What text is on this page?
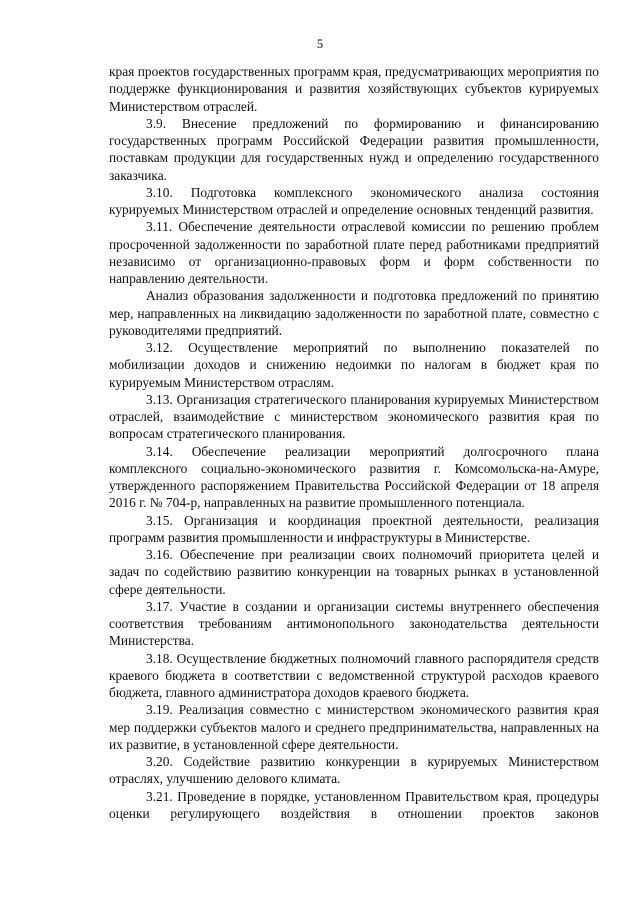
5

края проектов государственных программ края, предусматривающих мероприятия по поддержке функционирования и развития хозяйствующих субъектов курируемых Министерством отраслей.

3.9. Внесение предложений по формированию и финансированию государственных программ Российской Федерации развития промышленности, поставкам продукции для государственных нужд и определению государственного заказчика.

3.10. Подготовка комплексного экономического анализа состояния курируемых Министерством отраслей и определение основных тенденций развития.

3.11. Обеспечение деятельности отраслевой комиссии по решению проблем просроченной задолженности по заработной плате перед работниками предприятий независимо от организационно-правовых форм и форм собственности по направлению деятельности.

Анализ образования задолженности и подготовка предложений по принятию мер, направленных на ликвидацию задолженности по заработной плате, совместно с руководителями предприятий.

3.12. Осуществление мероприятий по выполнению показателей по мобилизации доходов и снижению недоимки по налогам в бюджет края по курируемым Министерством отраслям.

3.13. Организация стратегического планирования курируемых Министерством отраслей, взаимодействие с министерством экономического развития края по вопросам стратегического планирования.

3.14. Обеспечение реализации мероприятий долгосрочного плана комплексного социально-экономического развития г. Комсомольска-на-Амуре, утвержденного распоряжением Правительства Российской Федерации от 18 апреля 2016 г. № 704-р, направленных на развитие промышленного потенциала.

3.15. Организация и координация проектной деятельности, реализация программ развития промышленности и инфраструктуры в Министерстве.

3.16. Обеспечение при реализации своих полномочий приоритета целей и задач по содействию развитию конкуренции на товарных рынках в установленной сфере деятельности.

3.17. Участие в создании и организации системы внутреннего обеспечения соответствия требованиям антимонопольного законодательства деятельности Министерства.

3.18. Осуществление бюджетных полномочий главного распорядителя средств краевого бюджета в соответствии с ведомственной структурой расходов краевого бюджета, главного администратора доходов краевого бюджета.

3.19. Реализация совместно с министерством экономического развития края мер поддержки субъектов малого и среднего предпринимательства, направленных на их развитие, в установленной сфере деятельности.

3.20. Содействие развитию конкуренции в курируемых Министерством отраслях, улучшению делового климата.

3.21. Проведение в порядке, установленном Правительством края, процедуры оценки регулирующего воздействия в отношении проектов законов
